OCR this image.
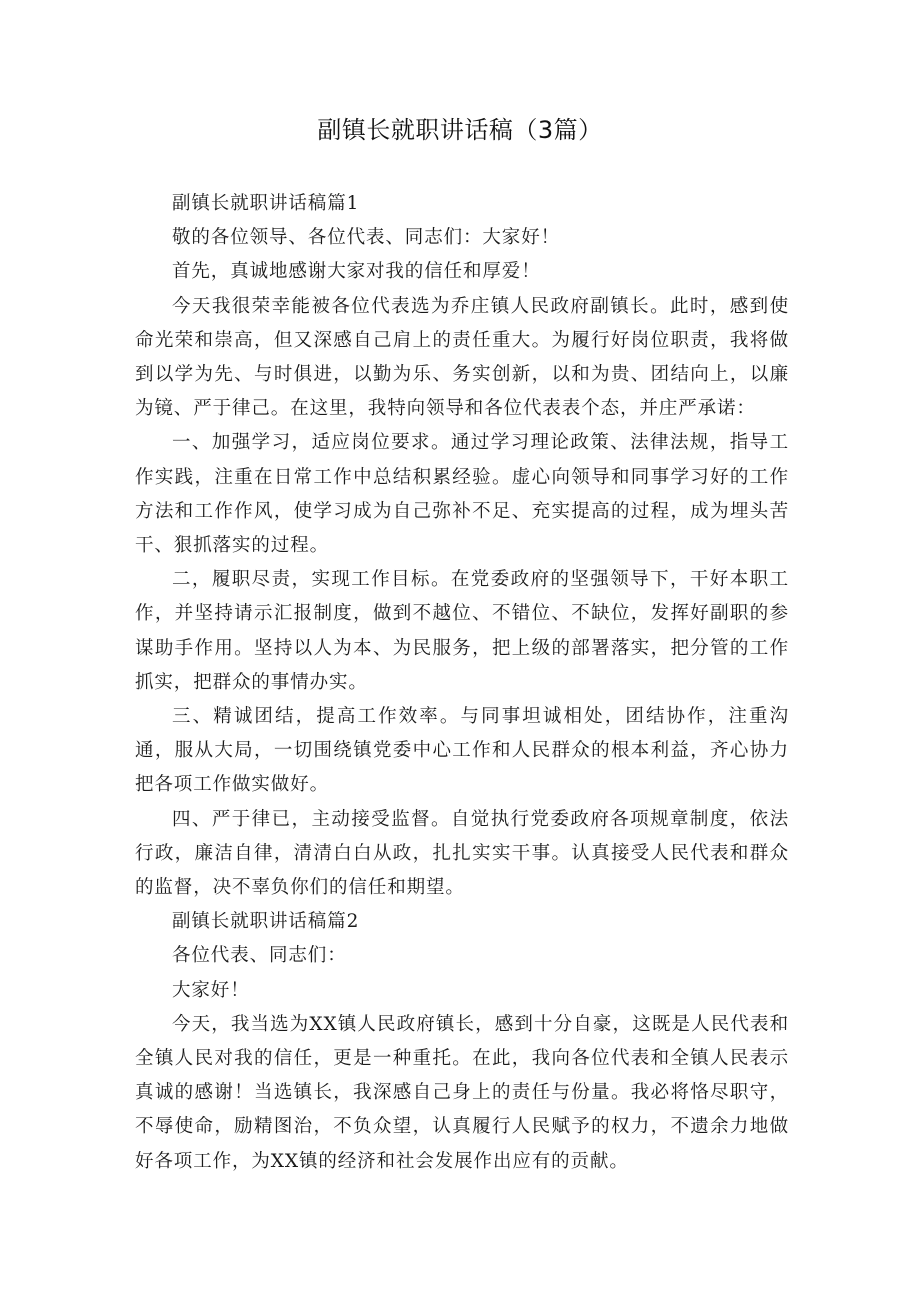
副镇长就职讲话稿（3篇）

副镇长就职讲话稿篇1

敬的各位领导、各位代表、同志们：大家好！

首先，真诚地感谢大家对我的信任和厚爱！

今天我很荣幸能被各位代表选为乔庄镇人民政府副镇长。此时，感到使命光荣和崇高，但又深感自己肩上的责任重大。为履行好岗位职责，我将做到以学为先、与时俱进，以勤为乐、务实创新，以和为贵、团结向上，以廉为镜、严于律己。在这里，我特向领导和各位代表表个态，并庄严承诺：

一、加强学习，适应岗位要求。通过学习理论政策、法律法规，指导工作实践，注重在日常工作中总结积累经验。虚心向领导和同事学习好的工作方法和工作作风，使学习成为自己弥补不足、充实提高的过程，成为埋头苦干、狠抓落实的过程。

二，履职尽责，实现工作目标。在党委政府的坚强领导下，干好本职工作，并坚持请示汇报制度，做到不越位、不错位、不缺位，发挥好副职的参谋助手作用。坚持以人为本、为民服务，把上级的部署落实，把分管的工作抓实，把群众的事情办实。

三、精诚团结，提高工作效率。与同事坦诚相处，团结协作，注重沟通，服从大局，一切围绕镇党委中心工作和人民群众的根本利益，齐心协力把各项工作做实做好。

四、严于律已，主动接受监督。自觉执行党委政府各项规章制度，依法行政，廉洁自律，清清白白从政，扎扎实实干事。认真接受人民代表和群众的监督，决不辜负你们的信任和期望。

副镇长就职讲话稿篇2

各位代表、同志们：

大家好！

今天，我当选为XX镇人民政府镇长，感到十分自豪，这既是人民代表和全镇人民对我的信任，更是一种重托。在此，我向各位代表和全镇人民表示真诚的感谢！当选镇长，我深感自己身上的责任与份量。我必将恪尽职守，不辱使命，励精图治，不负众望，认真履行人民赋予的权力，不遗余力地做好各项工作，为XX镇的经济和社会发展作出应有的贡献。
